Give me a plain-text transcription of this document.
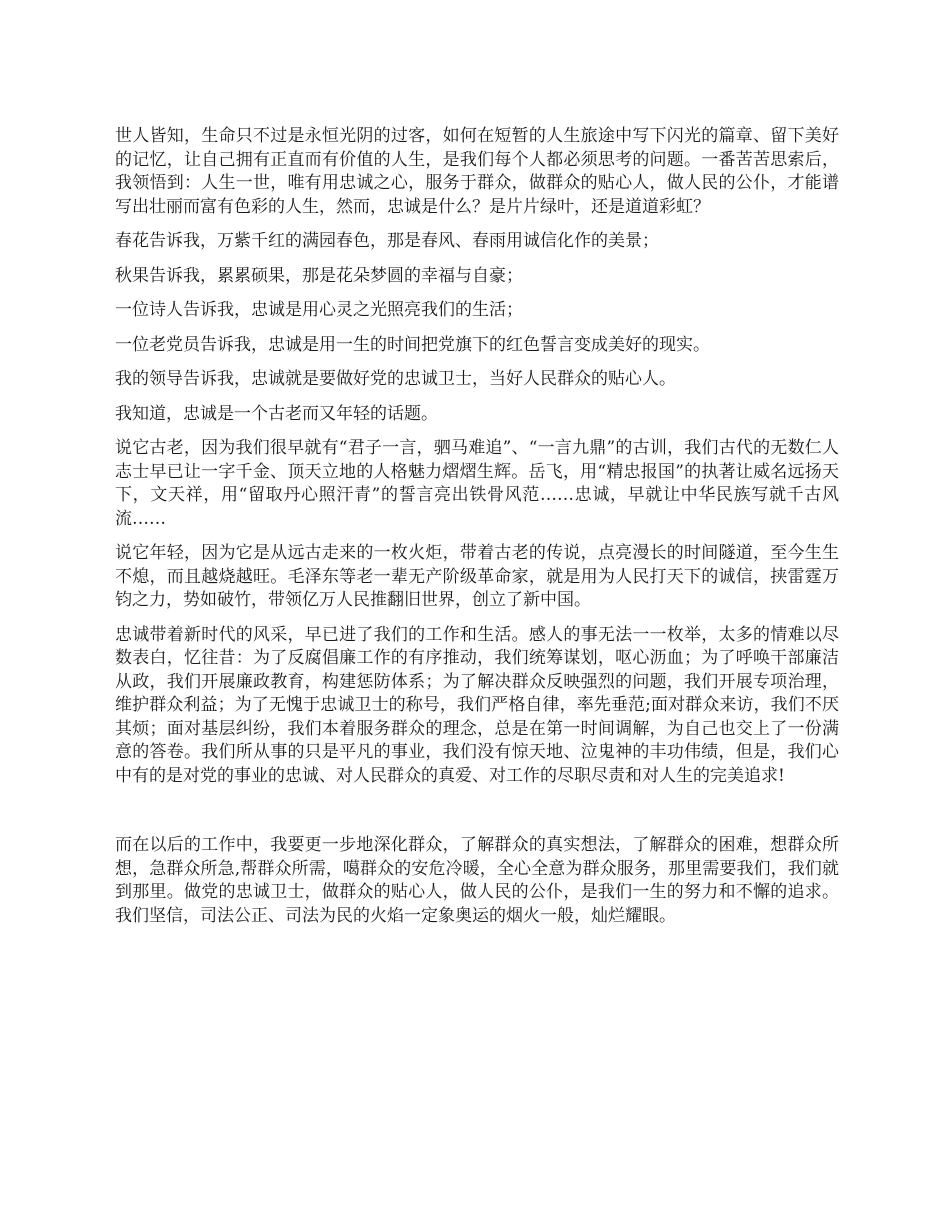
世人皆知，生命只不过是永恒光阴的过客，如何在短暂的人生旅途中写下闪光的篇章、留下美好的记忆，让自己拥有正直而有价值的人生，是我们每个人都必须思考的问题。一番苦苦思索后，我领悟到：人生一世，唯有用忠诚之心，服务于群众，做群众的贴心人，做人民的公仆，才能谱写出壮丽而富有色彩的人生，然而，忠诚是什么？是片片绿叶，还是道道彩虹？

春花告诉我，万紫千红的满园春色，那是春风、春雨用诚信化作的美景；

秋果告诉我，累累硕果，那是花朵梦圆的幸福与自豪；

一位诗人告诉我，忠诚是用心灵之光照亮我们的生活；

一位老党员告诉我，忠诚是用一生的时间把党旗下的红色誓言变成美好的现实。

我的领导告诉我，忠诚就是要做好党的忠诚卫士，当好人民群众的贴心人。

我知道，忠诚是一个古老而又年轻的话题。

说它古老，因为我们很早就有“君子一言，驷马难追”、“一言九鼎”的古训，我们古代的无数仁人志士早已让一字千金、顶天立地的人格魅力熠熠生辉。岳飞，用“精忠报国”的执著让威名远扬天下，文天祥，用“留取丹心照汗青”的誓言亮出铁骨风范……忠诚，早就让中华民族写就千古风流……

说它年轻，因为它是从远古走来的一枚火炬，带着古老的传说，点亮漫长的时间隧道，至今生生不熄，而且越烧越旺。毛泽东等老一辈无产阶级革命家，就是用为人民打天下的诚信，挟雷霆万钧之力，势如破竹，带领亿万人民推翻旧世界，创立了新中国。

忠诚带着新时代的风采，早已进了我们的工作和生活。感人的事无法一一枚举，太多的情难以尽数表白，忆往昔：为了反腐倡廉工作的有序推动，我们统筹谋划，呕心沥血；为了呼唤干部廉洁从政，我们开展廉政教育，构建惩防体系；为了解决群众反映强烈的问题，我们开展专项治理，维护群众利益；为了无愧于忠诚卫士的称号，我们严格自律，率先垂范;面对群众来访，我们不厌其烦；面对基层纠纷，我们本着服务群众的理念，总是在第一时间调解，为自己也交上了一份满意的答卷。我们所从事的只是平凡的事业，我们没有惊天地、泣鬼神的丰功伟绩，但是，我们心中有的是对党的事业的忠诚、对人民群众的真爱、对工作的尽职尽责和对人生的完美追求!

而在以后的工作中，我要更一步地深化群众，了解群众的真实想法，了解群众的困难，想群众所想，急群众所急,帮群众所需，噶群众的安危冷暖，全心全意为群众服务，那里需要我们，我们就到那里。做党的忠诚卫士，做群众的贴心人，做人民的公仆，是我们一生的努力和不懈的追求。我们坚信，司法公正、司法为民的火焰一定象奥运的烟火一般，灿烂耀眼。
